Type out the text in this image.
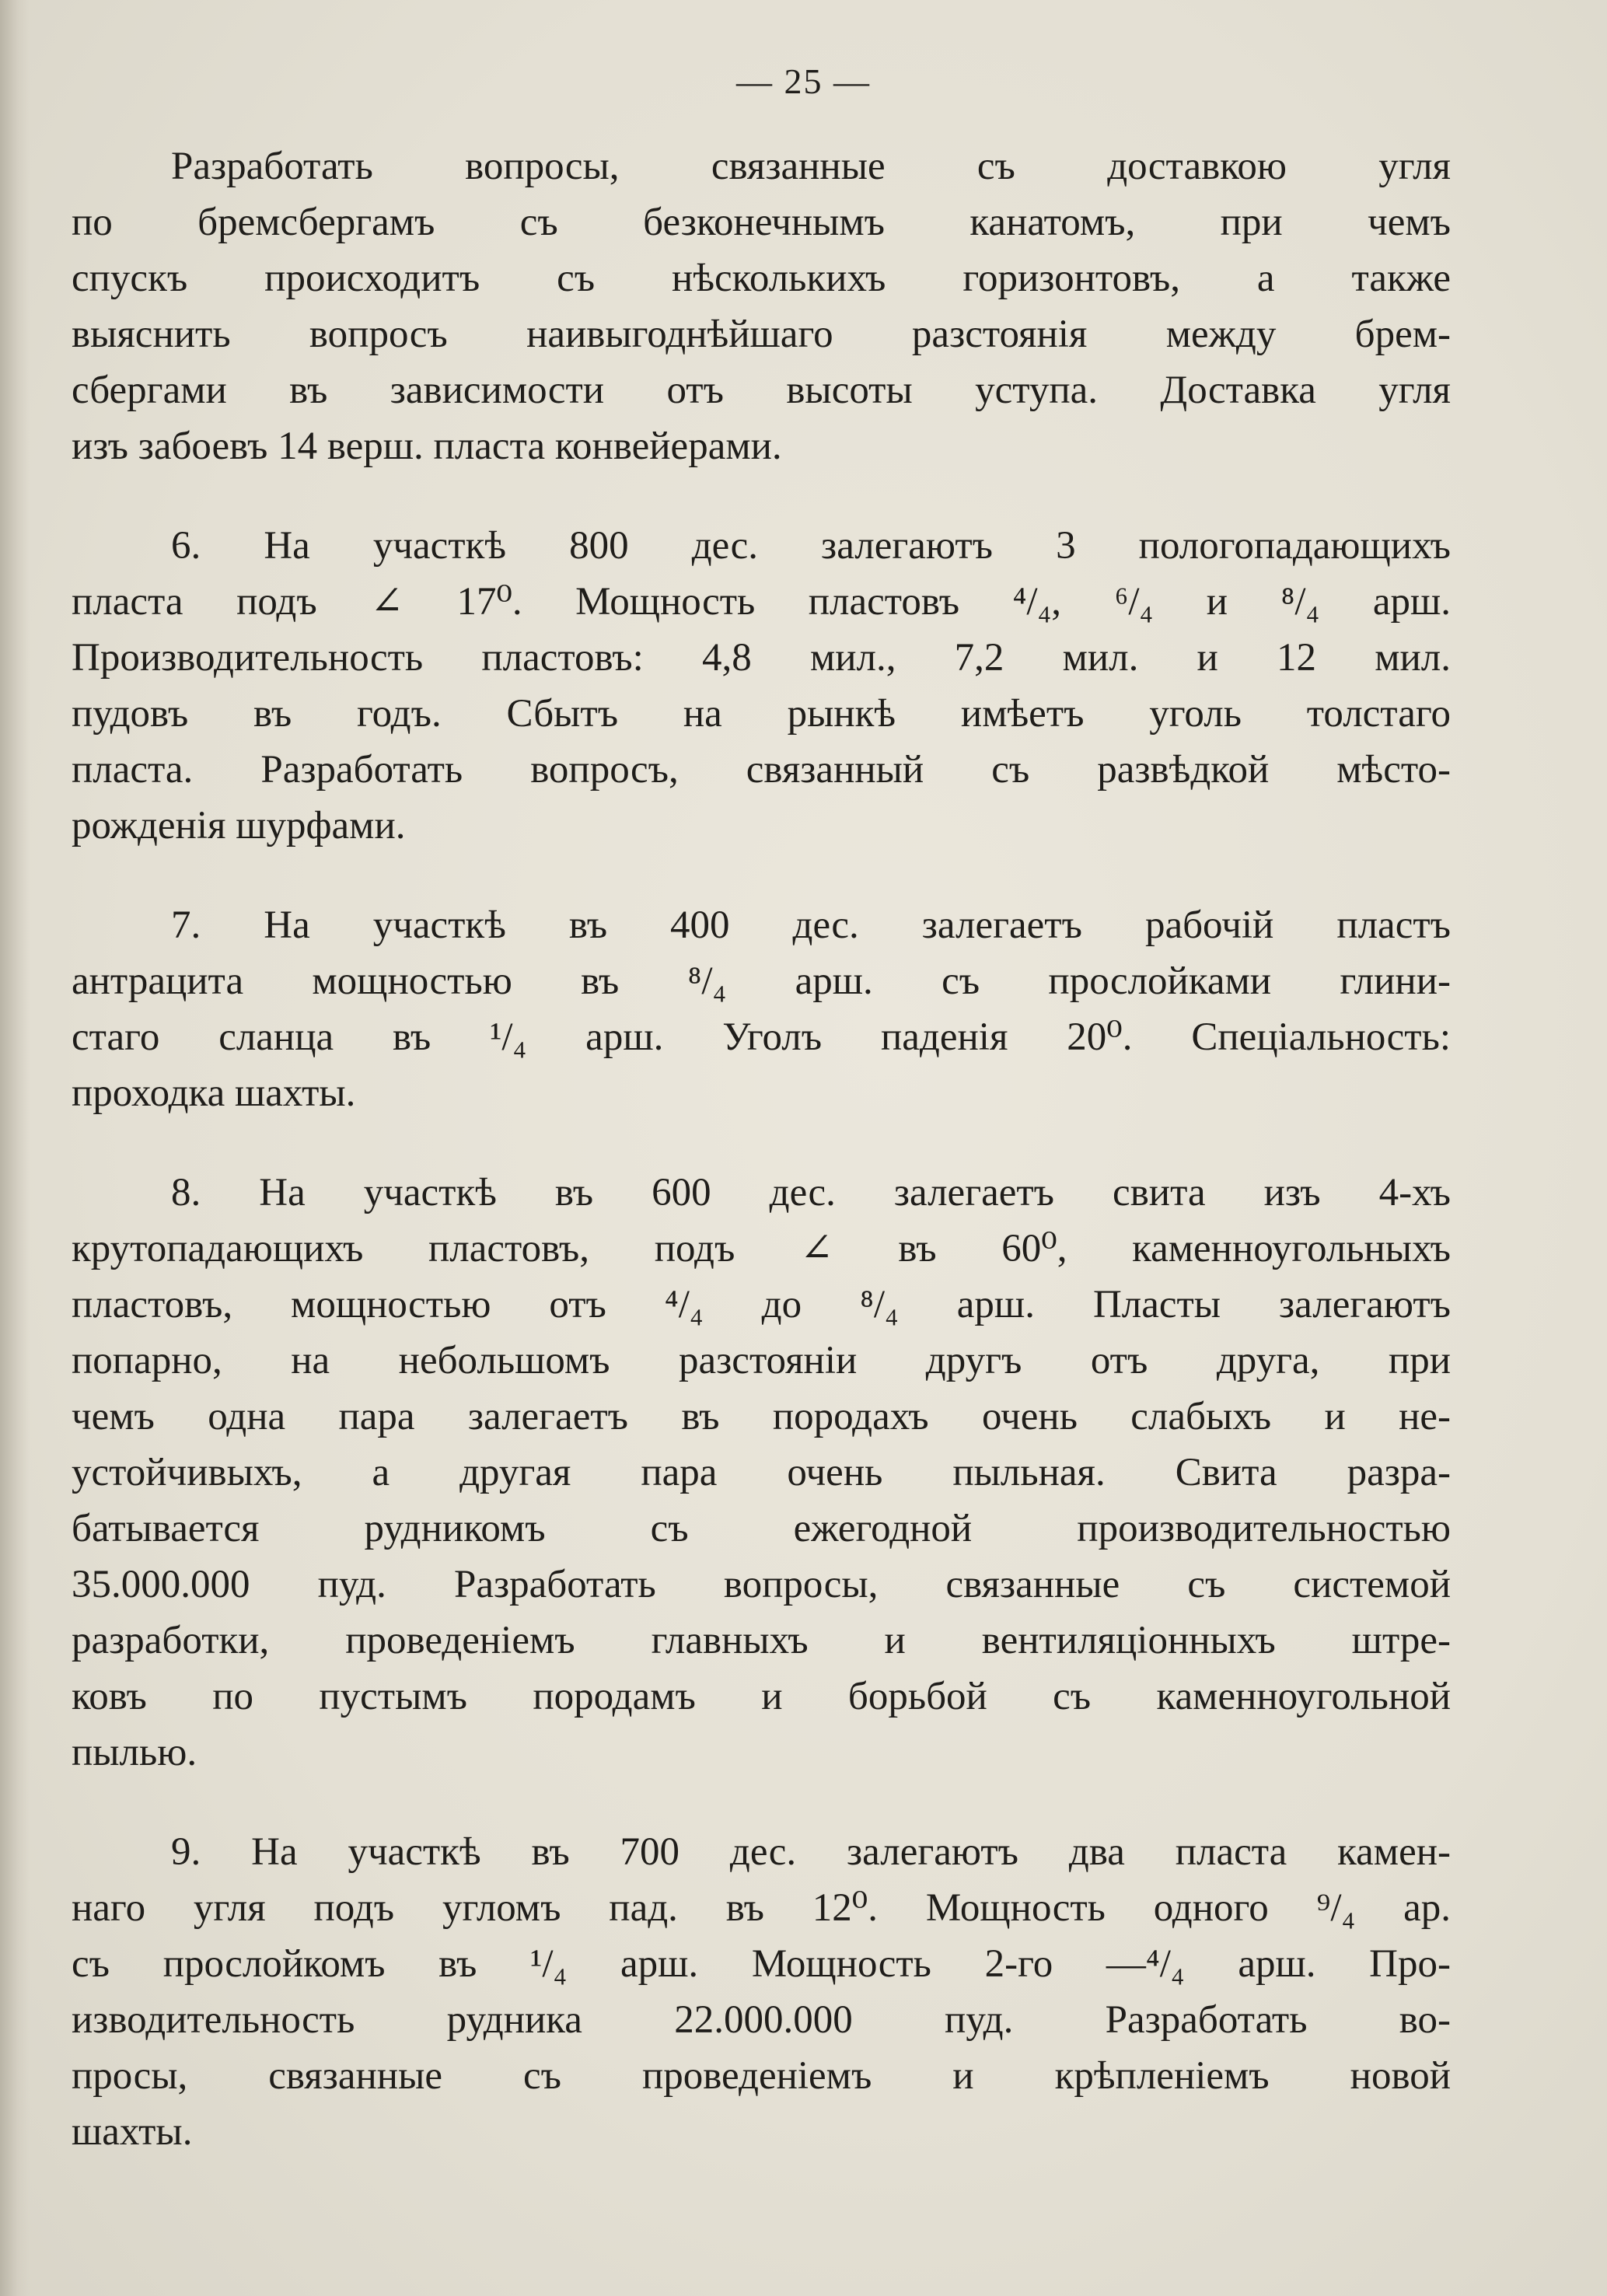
— 25 —

Разработать вопросы, связанные съ доставкою угля
по бремсбергамъ съ безконечнымъ канатомъ, при чемъ
спускъ происходитъ съ нѣсколькихъ горизонтовъ, а также
выяснить вопросъ наивыгоднѣйшаго разстоянія между брем-
сбергами въ зависимости отъ высоты уступа. Доставка угля
изъ забоевъ 14 верш. пласта конвейерами.

6. На участкѣ 800 дес. залегаютъ 3 пологопадающихъ
пласта подъ ∠ 17⁰. Мощность пластовъ ⁴/₄, ⁶/₄ и ⁸/₄ арш.
Производительность пластовъ: 4,8 мил., 7,2 мил. и 12 мил.
пудовъ въ годъ. Сбытъ на рынкѣ имѣетъ уголь толстаго
пласта. Разработать вопросъ, связанный съ развѣдкой мѣсто-
рожденія шурфами.

7. На участкѣ въ 400 дес. залегаетъ рабочій пластъ
антрацита мощностью въ ⁸/₄ арш. съ прослойками глини-
стаго сланца въ ¹/₄ арш. Уголъ паденія 20⁰. Спеціальность:
проходка шахты.

8. На участкѣ въ 600 дес. залегаетъ свита изъ 4-хъ
крутопадающихъ пластовъ, подъ ∠ въ 60⁰, каменноугольныхъ
пластовъ, мощностью отъ ⁴/₄ до ⁸/₄ арш. Пласты залегаютъ
попарно, на небольшомъ разстояніи другъ отъ друга, при
чемъ одна пара залегаетъ въ породахъ очень слабыхъ и не-
устойчивыхъ, а другая пара очень пыльная. Свита разра-
батывается рудникомъ съ ежегодной производительностью
35.000.000 пуд. Разработать вопросы, связанные съ системой
разработки, проведеніемъ главныхъ и вентиляціонныхъ штре-
ковъ по пустымъ породамъ и борьбой съ каменноугольной
пылью.

9. На участкѣ въ 700 дес. залегаютъ два пласта камен-
наго угля подъ угломъ пад. въ 12⁰. Мощность одного ⁹/₄ ар.
съ прослойкомъ въ ¹/₄ арш. Мощность 2-го —⁴/₄ арш. Про-
изводительность рудника 22.000.000 пуд. Разработать во-
просы, связанные съ проведеніемъ и крѣпленіемъ новой
шахты.
